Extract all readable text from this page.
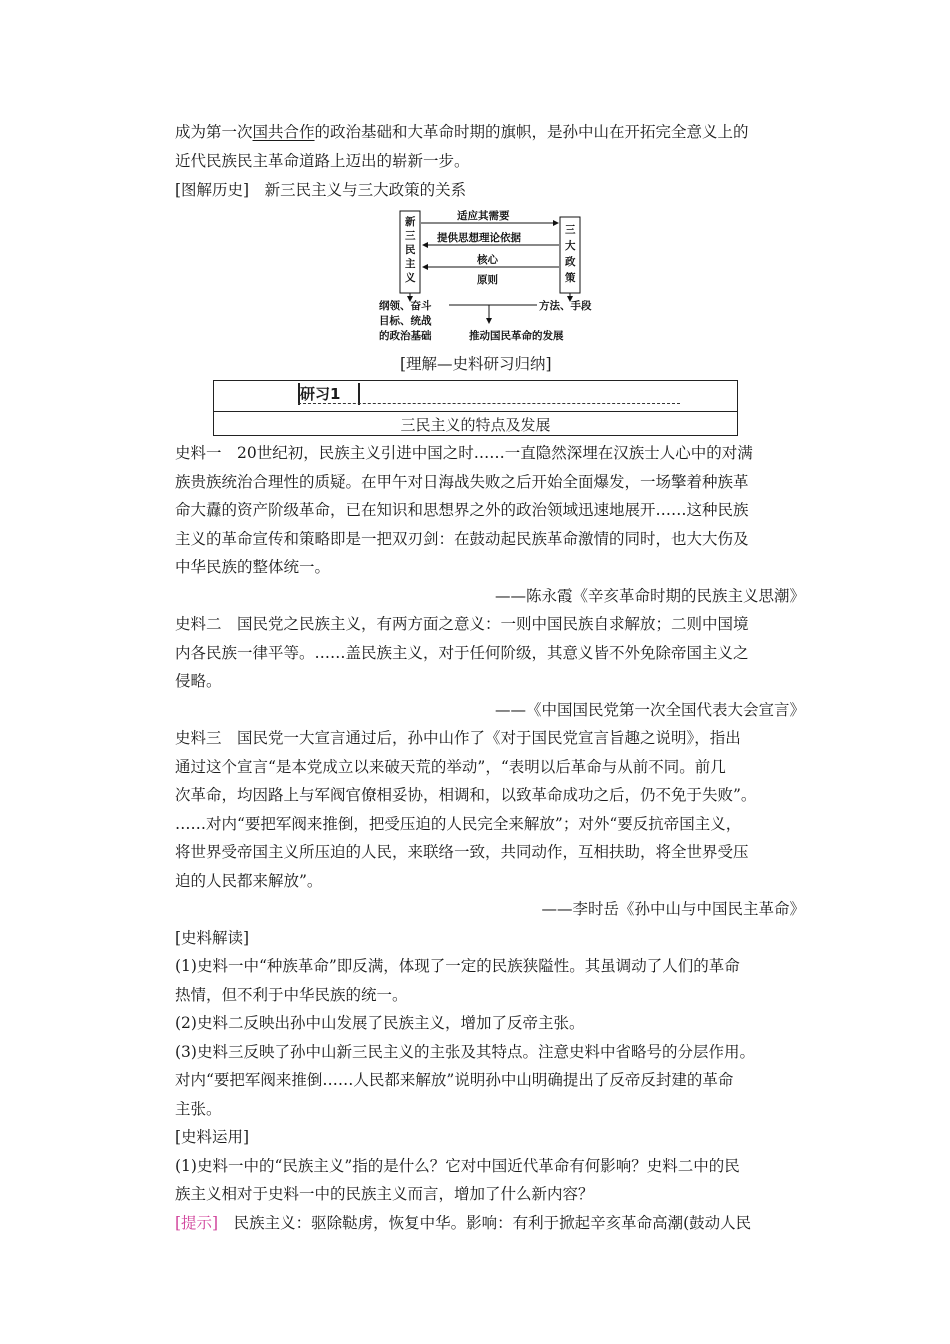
成为第一次国共合作的政治基础和大革命时期的旗帜，是孙中山在开拓完全意义上的
近代民族民主革命道路上迈出的崭新一步。
[图解历史]　新三民主义与三大政策的关系
新
三
民
主
义
三
大
政
策
适应其需要
提供思想理论依据
核心
原则
纲领、奋斗
目标、统战
的政治基础
方法、手段
推动国民革命的发展
[理解—史料研习归纳]
研习1
三民主义的特点及发展
史料一　20世纪初，民族主义引进中国之时……一直隐然深埋在汉族士人心中的对满
族贵族统治合理性的质疑。在甲午对日海战失败之后开始全面爆发，一场擎着种族革
命大纛的资产阶级革命，已在知识和思想界之外的政治领域迅速地展开……这种民族
主义的革命宣传和策略即是一把双刃剑：在鼓动起民族革命激情的同时，也大大伤及
中华民族的整体统一。
——陈永霞《辛亥革命时期的民族主义思潮》
史料二　国民党之民族主义，有两方面之意义：一则中国民族自求解放；二则中国境
内各民族一律平等。……盖民族主义，对于任何阶级，其意义皆不外免除帝国主义之
侵略。
——《中国国民党第一次全国代表大会宣言》
史料三　国民党一大宣言通过后，孙中山作了《对于国民党宣言旨趣之说明》，指出
通过这个宣言“是本党成立以来破天荒的举动”，“表明以后革命与从前不同。前几
次革命，均因路上与军阀官僚相妥协，相调和，以致革命成功之后，仍不免于失败”。
……对内“要把军阀来推倒，把受压迫的人民完全来解放”；对外“要反抗帝国主义，
将世界受帝国主义所压迫的人民，来联络一致，共同动作，互相扶助，将全世界受压
迫的人民都来解放”。
——李时岳《孙中山与中国民主革命》
[史料解读]
(1)史料一中“种族革命”即反满，体现了一定的民族狭隘性。其虽调动了人们的革命
热情，但不利于中华民族的统一。
(2)史料二反映出孙中山发展了民族主义，增加了反帝主张。
(3)史料三反映了孙中山新三民主义的主张及其特点。注意史料中省略号的分层作用。
对内“要把军阀来推倒……人民都来解放”说明孙中山明确提出了反帝反封建的革命
主张。
[史料运用]
(1)史料一中的“民族主义”指的是什么？它对中国近代革命有何影响？史料二中的民
族主义相对于史料一中的民族主义而言，增加了什么新内容？
[提示]　民族主义：驱除鞑虏，恢复中华。影响：有利于掀起辛亥革命高潮(鼓动人民
